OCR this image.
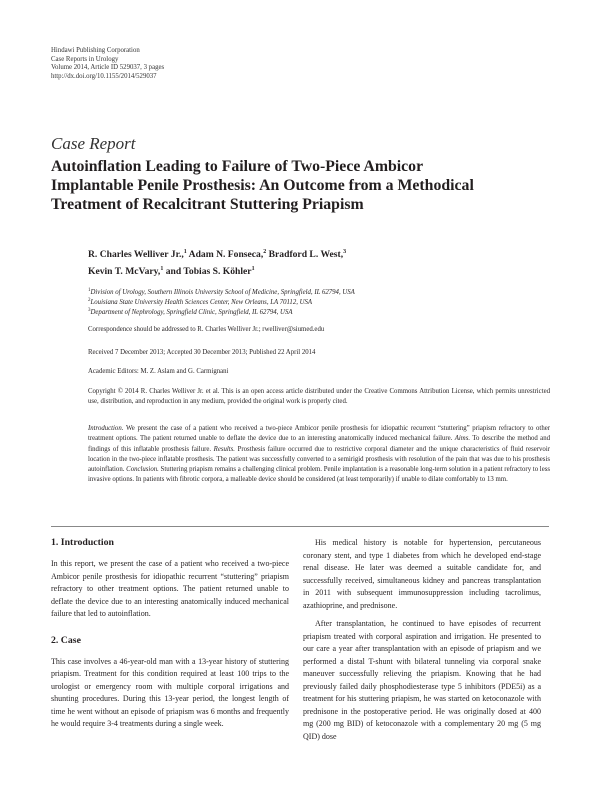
Hindawi Publishing Corporation
Case Reports in Urology
Volume 2014, Article ID 529037, 3 pages
http://dx.doi.org/10.1155/2014/529037
Case Report
Autoinflation Leading to Failure of Two-Piece Ambicor
Implantable Penile Prosthesis: An Outcome from a Methodical
Treatment of Recalcitrant Stuttering Priapism
R. Charles Welliver Jr.,$^1$ Adam N. Fonseca,$^2$ Bradford L. West,$^3$
Kevin T. McVary,$^1$ and Tobias S. Köhler$^1$
$^1$Division of Urology, Southern Illinois University School of Medicine, Springfield, IL 62794, USA
$^2$Louisiana State University Health Sciences Center, New Orleans, LA 70112, USA
$^3$Department of Nephrology, Springfield Clinic, Springfield, IL 62794, USA
Correspondence should be addressed to R. Charles Welliver Jr.; rwelliver@siumed.edu
Received 7 December 2013; Accepted 30 December 2013; Published 22 April 2014
Academic Editors: M. Z. Aslam and G. Carmignani
Copyright © 2014 R. Charles Welliver Jr. et al. This is an open access article distributed under the Creative Commons Attribution License, which permits unrestricted use, distribution, and reproduction in any medium, provided the original work is properly cited.
Introduction. We present the case of a patient who received a two-piece Ambicor penile prosthesis for idiopathic recurrent “stuttering” priapism refractory to other treatment options. The patient returned unable to deflate the device due to an interesting anatomically induced mechanical failure. Aims. To describe the method and findings of this inflatable prosthesis failure. Results. Prosthesis failure occurred due to restrictive corporal diameter and the unique characteristics of fluid reservoir location in the two-piece inflatable prosthesis. The patient was successfully converted to a semirigid prosthesis with resolution of the pain that was due to his prosthesis autoinflation. Conclusion. Stuttering priapism remains a challenging clinical problem. Penile implantation is a reasonable long-term solution in a patient refractory to less invasive options. In patients with fibrotic corpora, a malleable device should be considered (at least temporarily) if unable to dilate comfortably to 13 mm.
1. Introduction

In this report, we present the case of a patient who received a two-piece Ambicor penile prosthesis for idiopathic recurrent “stuttering” priapism refractory to other treatment options. The patient returned unable to deflate the device due to an interesting anatomically induced mechanical failure that led to autoinflation.

2. Case

This case involves a 46-year-old man with a 13-year history of stuttering priapism. Treatment for this condition required at least 100 trips to the urologist or emergency room with multiple corporal irrigations and shunting procedures. During this 13-year period, the longest length of time he went without an episode of priapism was 6 months and frequently he would require 3-4 treatments during a single week.

His medical history is notable for hypertension, percutaneous coronary stent, and type 1 diabetes from which he developed end-stage renal disease. He later was deemed a suitable candidate for, and successfully received, simultaneous kidney and pancreas transplantation in 2011 with subsequent immunosuppression including tacrolimus, azathioprine, and prednisone.

After transplantation, he continued to have episodes of recurrent priapism treated with corporal aspiration and irrigation. He presented to our care a year after transplantation with an episode of priapism and we performed a distal T-shunt with bilateral tunneling via corporal snake maneuver successfully relieving the priapism. Knowing that he had previously failed daily phosphodiesterase type 5 inhibitors (PDE5i) as a treatment for his stuttering priapism, he was started on ketoconazole with prednisone in the postoperative period. He was originally dosed at 400 mg (200 mg BID) of ketoconazole with a complementary 20 mg (5 mg QID) dose
